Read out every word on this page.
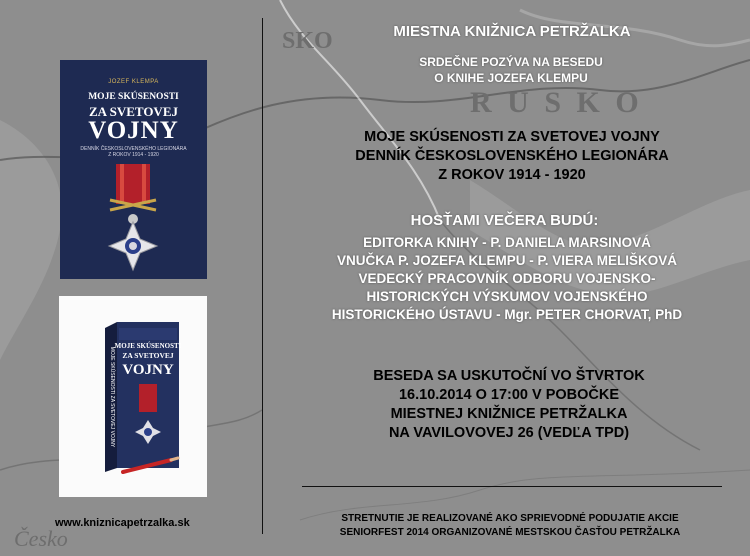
SKO
R U S K O
Česko
JOZEF KLEMPA
MOJE SKÚSENOSTI
ZA SVETOVEJ
VOJNY
DENNÍK ČESKOSLOVENSKÉHO LEGIONÁRA
Z ROKOV 1914 - 1920
MOJE SKÚSENOSTI
ZA SVETOVEJ
VOJNY
MOJE SKÚSENOSTI ZA SVETOVEJ VOJNY
www.kniznicapetrzalka.sk
MIESTNA KNIŽNICA PETRŽALKA
SRDEČNE POZÝVA NA BESEDU
O KNIHE JOZEFA KLEMPU
MOJE SKÚSENOSTI ZA SVETOVEJ VOJNY
DENNÍK ČESKOSLOVENSKÉHO LEGIONÁRA
Z ROKOV 1914 - 1920
HOSŤAMI VEČERA BUDÚ:
EDITORKA KNIHY - P. DANIELA MARSINOVÁ
VNUČKA P. JOZEFA KLEMPU - P. VIERA MELIŠKOVÁ
VEDECKÝ PRACOVNÍK ODBORU VOJENSKO-
HISTORICKÝCH VÝSKUMOV VOJENSKÉHO
HISTORICKÉHO ÚSTAVU - Mgr. PETER CHORVAT, PhD
BESEDA SA USKUTOČNÍ VO ŠTVRTOK
16.10.2014 O 17:00 V POBOČKE
MIESTNEJ KNIŽNICE PETRŽALKA
NA VAVILOVOVEJ 26 (VEDĽA TPD)
STRETNUTIE JE REALIZOVANÉ AKO SPRIEVODNÉ PODUJATIE AKCIE
SENIORFEST 2014 ORGANIZOVANÉ MESTSKOU ČASŤOU PETRŽALKA
